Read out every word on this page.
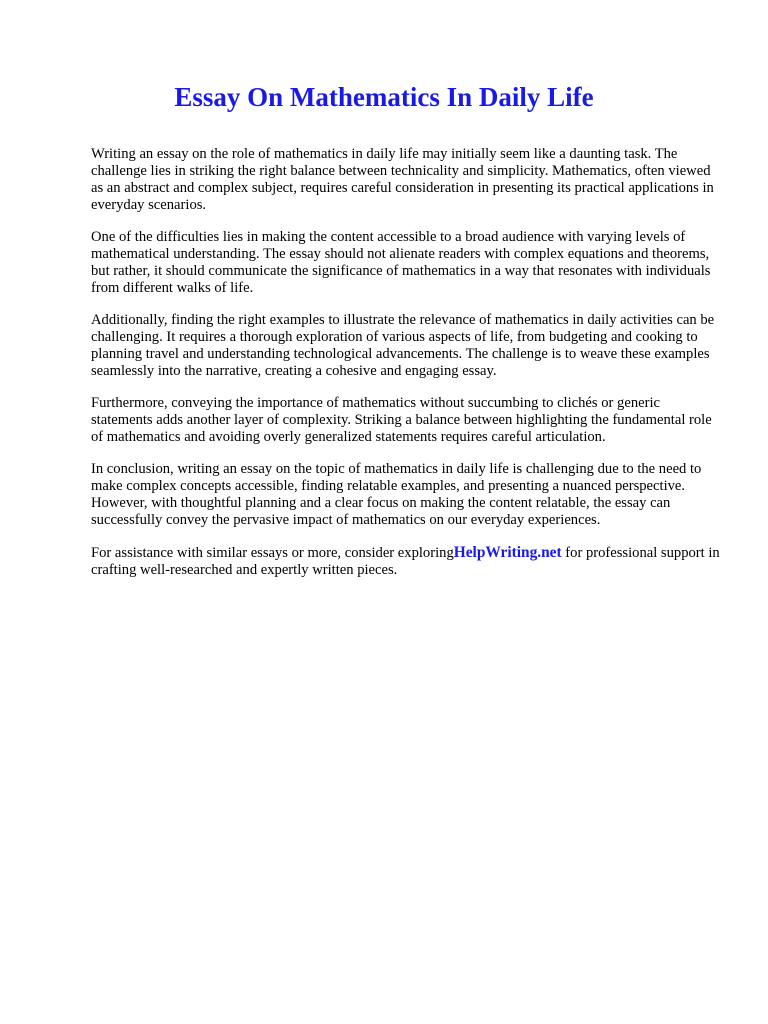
Essay On Mathematics In Daily Life

Writing an essay on the role of mathematics in daily life may initially seem like a daunting task. The challenge lies in striking the right balance between technicality and simplicity. Mathematics, often viewed as an abstract and complex subject, requires careful consideration in presenting its practical applications in everyday scenarios.

One of the difficulties lies in making the content accessible to a broad audience with varying levels of mathematical understanding. The essay should not alienate readers with complex equations and theorems, but rather, it should communicate the significance of mathematics in a way that resonates with individuals from different walks of life.

Additionally, finding the right examples to illustrate the relevance of mathematics in daily activities can be challenging. It requires a thorough exploration of various aspects of life, from budgeting and cooking to planning travel and understanding technological advancements. The challenge is to weave these examples seamlessly into the narrative, creating a cohesive and engaging essay.

Furthermore, conveying the importance of mathematics without succumbing to clichés or generic statements adds another layer of complexity. Striking a balance between highlighting the fundamental role of mathematics and avoiding overly generalized statements requires careful articulation.

In conclusion, writing an essay on the topic of mathematics in daily life is challenging due to the need to make complex concepts accessible, finding relatable examples, and presenting a nuanced perspective. However, with thoughtful planning and a clear focus on making the content relatable, the essay can successfully convey the pervasive impact of mathematics on our everyday experiences.

For assistance with similar essays or more, consider exploringHelpWriting.net for professional support in crafting well-researched and expertly written pieces.
